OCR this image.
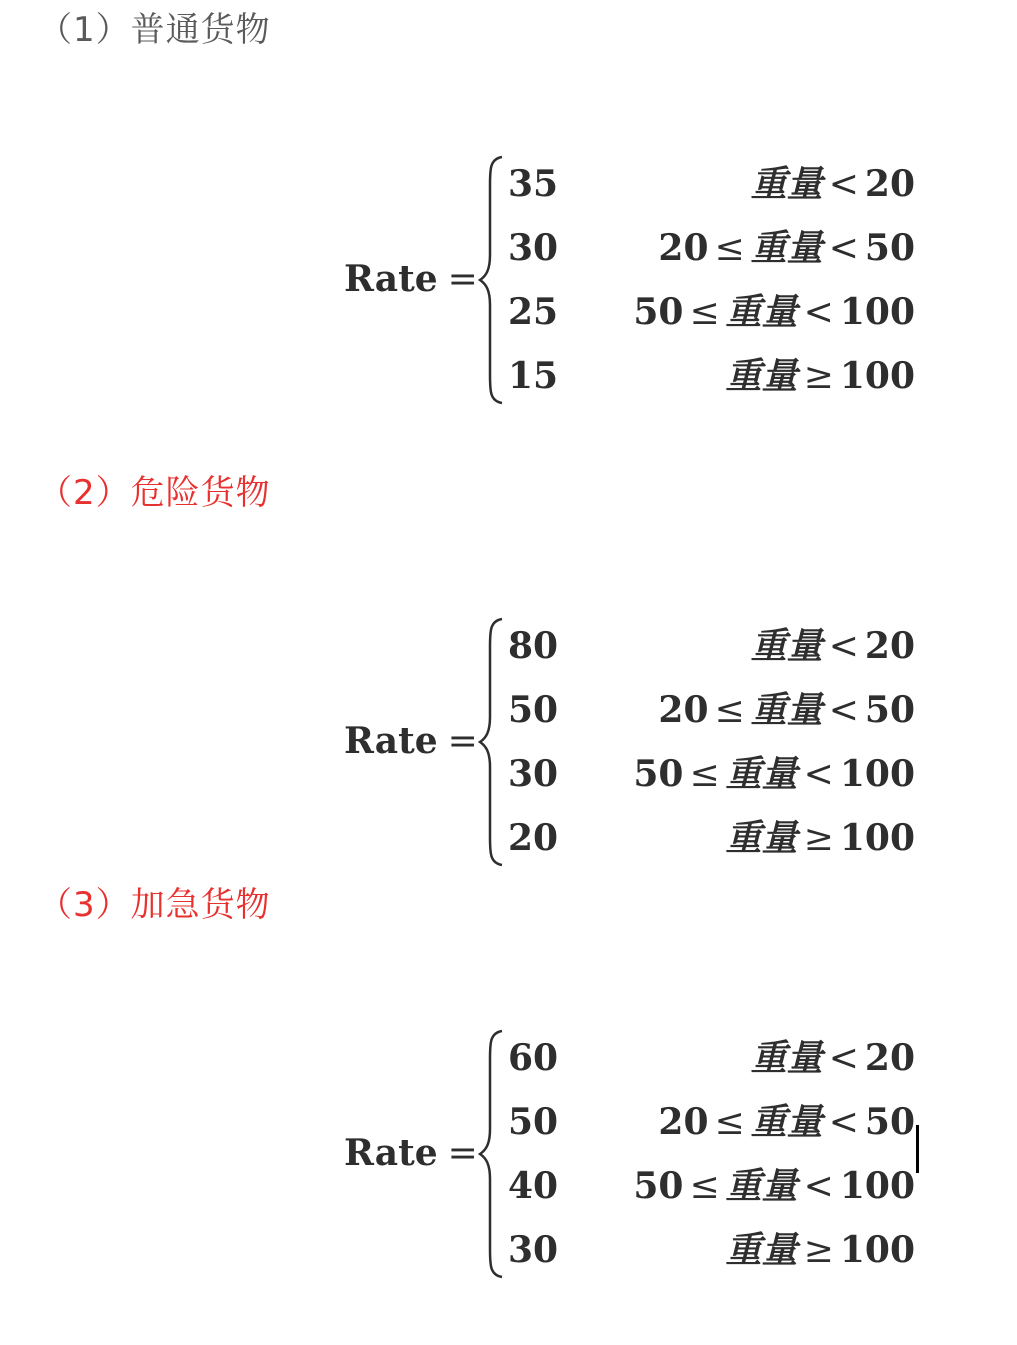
（1）普通货物
Rate =
35	重量 < 20
30	20 ≤ 重量 < 50
25	50 ≤ 重量 < 100
15	重量 ≥ 100
（2）危险货物
Rate =
80	重量 < 20
50	20 ≤ 重量 < 50
30	50 ≤ 重量 < 100
20	重量 ≥ 100
（3）加急货物
Rate =
60	重量 < 20
50	20 ≤ 重量 < 50
40	50 ≤ 重量 < 100
30	重量 ≥ 100
